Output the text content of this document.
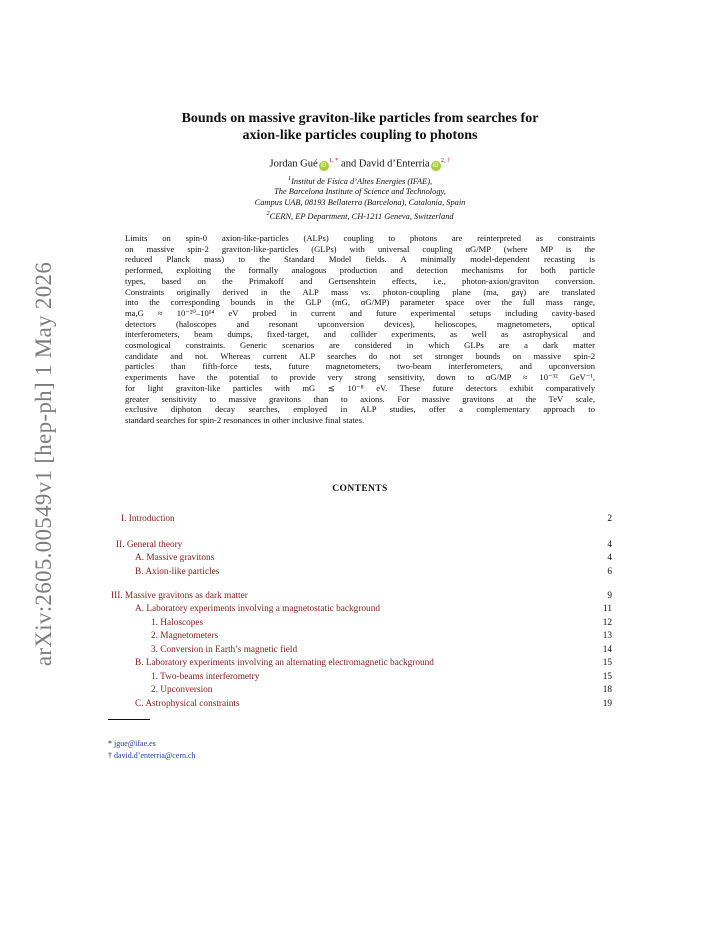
arXiv:2605.00549v1 [hep-ph] 1 May 2026
Bounds on massive graviton-like particles from searches for
axion-like particles coupling to photons
Jordan Gué $iD^{1, *}$ and David d’Enterria $iD^{2, \dagger}$
$^1$Institut de Física d’Altes Energies (IFAE),
The Barcelona Institute of Science and Technology,
Campus UAB, 08193 Bellaterra (Barcelona), Catalonia, Spain
$^2$CERN, EP Department, CH-1211 Geneva, Switzerland
Limits on spin-0 axion-like-particles (ALPs) coupling to photons are reinterpreted as constraints
on massive spin-2 graviton-like-particles (GLPs) with universal coupling αG/MP (where MP is the
reduced Planck mass) to the Standard Model fields. A minimally model-dependent recasting is
performed, exploiting the formally analogous production and detection mechanisms for both particle
types, based on the Primakoff and Gertsenshtein effects, i.e., photon-axion/graviton conversion.
Constraints originally derived in the ALP mass vs. photon-coupling plane (ma, gaγ) are translated
into the corresponding bounds in the GLP (mG, αG/MP) parameter space over the full mass range,
ma,G ≈ 10⁻²⁰–10¹⁴ eV probed in current and future experimental setups including cavity-based
detectors (haloscopes and resonant upconversion devices), helioscopes, magnetometers, optical
interferometers, beam dumps, fixed-target, and collider experiments, as well as astrophysical and
cosmological constraints. Generic scenarios are considered in which GLPs are a dark matter
candidate and not. Whereas current ALP searches do not set stronger bounds on massive spin-2
particles than fifth-force tests, future magnetometers, two-beam interferometers, and upconversion
experiments have the potential to provide very strong sensitivity, down to αG/MP ≈ 10⁻³² GeV⁻¹,
for light graviton-like particles with mG ≲ 10⁻⁸ eV. These future detectors exhibit comparatively
greater sensitivity to massive gravitons than to axions. For massive gravitons at the TeV scale,
exclusive diphoton decay searches, employed in ALP studies, offer a complementary approach to
standard searches for spin-2 resonances in other inclusive final states.
CONTENTS
I. Introduction	2
II. General theory	4
A. Massive gravitons	4
B. Axion-like particles	6
III. Massive gravitons as dark matter	9
A. Laboratory experiments involving a magnetostatic background	11
1. Haloscopes	12
2. Magnetometers	13
3. Conversion in Earth’s magnetic field	14
B. Laboratory experiments involving an alternating electromagnetic background	15
1. Two-beams interferometry	15
2. Upconversion	18
C. Astrophysical constraints	19
* jgue@ifae.es
† david.d’enterria@cern.ch
